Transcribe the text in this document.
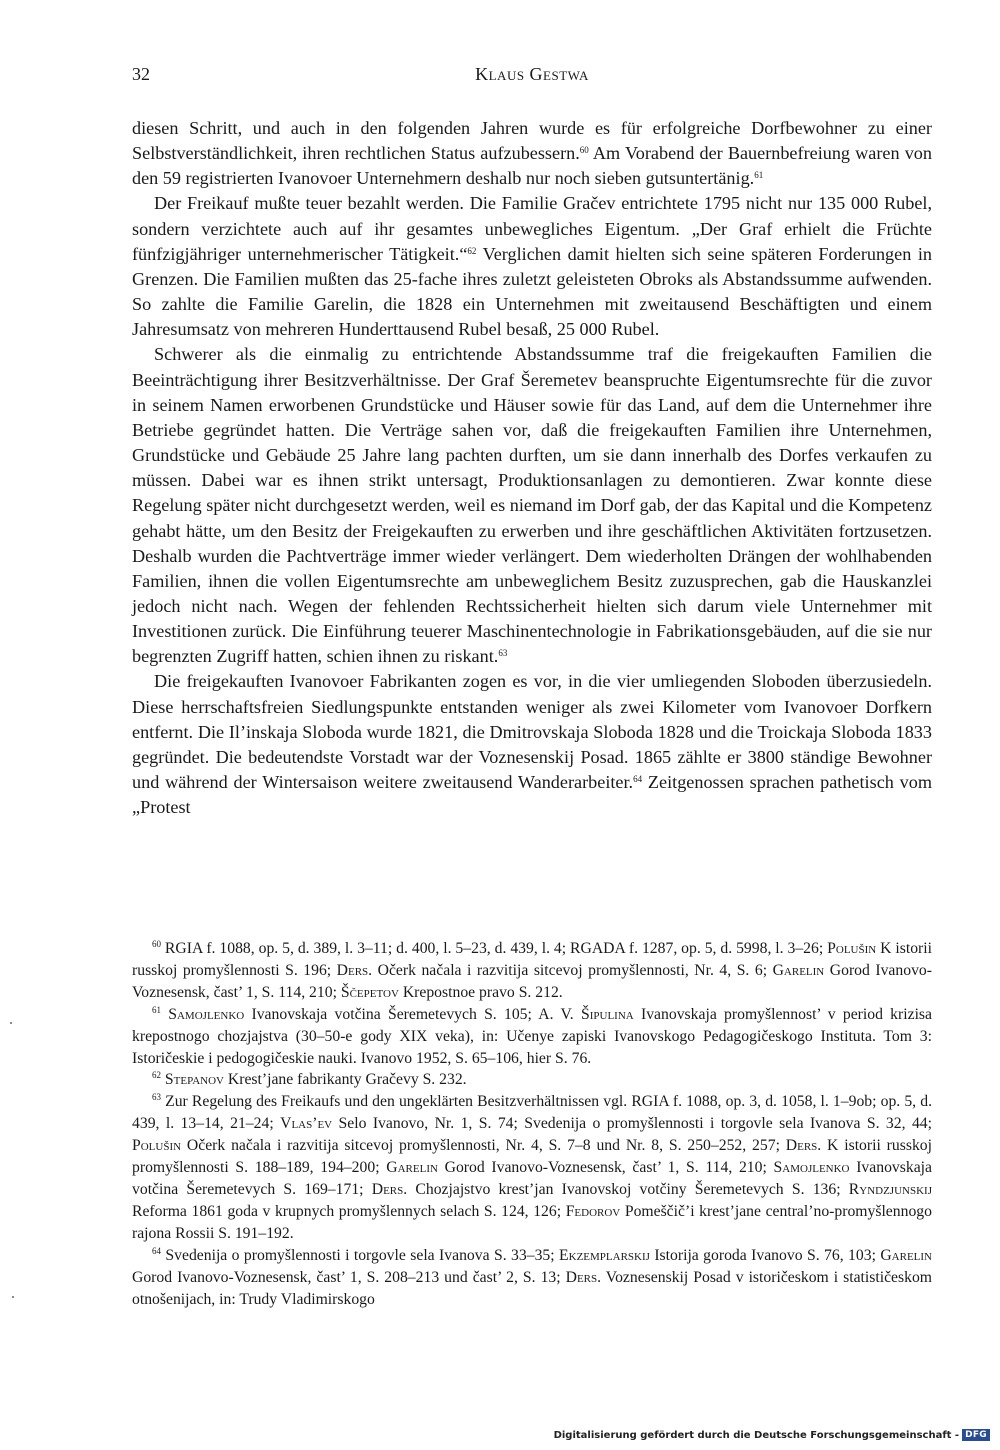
32	Klaus Gestwa

diesen Schritt, und auch in den folgenden Jahren wurde es für erfolgreiche Dorfbewohner zu einer Selbstverständlichkeit, ihren rechtlichen Status aufzubessern.$^{60}$ Am Vorabend der Bauernbefreiung waren von den 59 registrierten Ivanovoer Unternehmern deshalb nur noch sieben gutsuntertänig.$^{61}$

Der Freikauf mußte teuer bezahlt werden. Die Familie Gračev entrichtete 1795 nicht nur 135 000 Rubel, sondern verzichtete auch auf ihr gesamtes unbewegliches Eigentum. „Der Graf erhielt die Früchte fünfzigjähriger unternehmerischer Tätigkeit.“$^{62}$ Verglichen damit hielten sich seine späteren Forderungen in Grenzen. Die Familien mußten das 25-fache ihres zuletzt geleisteten Obroks als Abstandssumme aufwenden. So zahlte die Familie Garelin, die 1828 ein Unternehmen mit zweitausend Beschäftigten und einem Jahresumsatz von mehreren Hunderttausend Rubel besaß, 25 000 Rubel.

Schwerer als die einmalig zu entrichtende Abstandssumme traf die freigekauften Familien die Beeinträchtigung ihrer Besitzverhältnisse. Der Graf Šeremetev beanspruchte Eigentumsrechte für die zuvor in seinem Namen erworbenen Grundstücke und Häuser sowie für das Land, auf dem die Unternehmer ihre Betriebe gegründet hatten. Die Verträge sahen vor, daß die freigekauften Familien ihre Unternehmen, Grundstücke und Gebäude 25 Jahre lang pachten durften, um sie dann innerhalb des Dorfes verkaufen zu müssen. Dabei war es ihnen strikt untersagt, Produktionsanlagen zu demontieren. Zwar konnte diese Regelung später nicht durchgesetzt werden, weil es niemand im Dorf gab, der das Kapital und die Kompetenz gehabt hätte, um den Besitz der Freigekauften zu erwerben und ihre geschäftlichen Aktivitäten fortzusetzen. Deshalb wurden die Pachtverträge immer wieder verlängert. Dem wiederholten Drängen der wohlhabenden Familien, ihnen die vollen Eigentumsrechte am unbeweglichem Besitz zuzusprechen, gab die Hauskanzlei jedoch nicht nach. Wegen der fehlenden Rechtssicherheit hielten sich darum viele Unternehmer mit Investitionen zurück. Die Einführung teuerer Maschinentechnologie in Fabrikationsgebäuden, auf die sie nur begrenzten Zugriff hatten, schien ihnen zu riskant.$^{63}$

Die freigekauften Ivanovoer Fabrikanten zogen es vor, in die vier umliegenden Sloboden überzusiedeln. Diese herrschaftsfreien Siedlungspunkte entstanden weniger als zwei Kilometer vom Ivanovoer Dorfkern entfernt. Die Il’inskaja Sloboda wurde 1821, die Dmitrovskaja Sloboda 1828 und die Troickaja Sloboda 1833 gegründet. Die bedeutendste Vorstadt war der Voznesenskij Posad. 1865 zählte er 3800 ständige Bewohner und während der Wintersaison weitere zweitausend Wanderarbeiter.$^{64}$ Zeitgenossen sprachen pathetisch vom „Protest

$^{60}$ RGIA f. 1088, op. 5, d. 389, l. 3–11; d. 400, l. 5–23, d. 439, l. 4; RGADA f. 1287, op. 5, d. 5998, l. 3–26; Polušin K istorii russkoj promyšlennosti S. 196; Ders. Očerk načala i razvitija sitcevoj promyšlennosti, Nr. 4, S. 6; Garelin Gorod Ivanovo-Voznesensk, čast’ 1, S. 114, 210; Ščepetov Krepostnoe pravo S. 212.

$^{61}$ Samojlenko Ivanovskaja votčina Šeremetevych S. 105; A. V. Šipulina Ivanovskaja promyšlennost’ v period krizisa krepostnogo chozjajstva (30–50-e gody XIX veka), in: Učenye zapiski Ivanovskogo Pedagogičeskogo Instituta. Tom 3: Istoričeskie i pedogogičeskie nauki. Ivanovo 1952, S. 65–106, hier S. 76.

$^{62}$ Stepanov Krest’jane fabrikanty Gračevy S. 232.

$^{63}$ Zur Regelung des Freikaufs und den ungeklärten Besitzverhältnissen vgl. RGIA f. 1088, op. 3, d. 1058, l. 1–9ob; op. 5, d. 439, l. 13–14, 21–24; Vlas’ev Selo Ivanovo, Nr. 1, S. 74; Svedenija o promyšlennosti i torgovle sela Ivanova S. 32, 44; Polušin Očerk načala i razvitija sitcevoj promyšlennosti, Nr. 4, S. 7–8 und Nr. 8, S. 250–252, 257; Ders. K istorii russkoj promyšlennosti S. 188–189, 194–200; Garelin Gorod Ivanovo-Voznesensk, čast’ 1, S. 114, 210; Samojlenko Ivanovskaja votčina Šeremetevych S. 169–171; Ders. Chozjajstvo krest’jan Ivanovskoj votčiny Šeremetevych S. 136; Ryndzjunskij Reforma 1861 goda v krupnych promyšlennych selach S. 124, 126; Fedorov Pomeščič’i krest’jane central’no-promyšlennogo rajona Rossii S. 191–192.

$^{64}$ Svedenija o promyšlennosti i torgovle sela Ivanova S. 33–35; Ekzemplarskij Istorija goroda Ivanovo S. 76, 103; Garelin Gorod Ivanovo-Voznesensk, čast’ 1, S. 208–213 und čast’ 2, S. 13; Ders. Voznesenskij Posad v istoričeskom i statističeskom otnošenijach, in: Trudy Vladimirskogo

Digitalisierung gefördert durch die Deutsche Forschungsgemeinschaft - DFG
